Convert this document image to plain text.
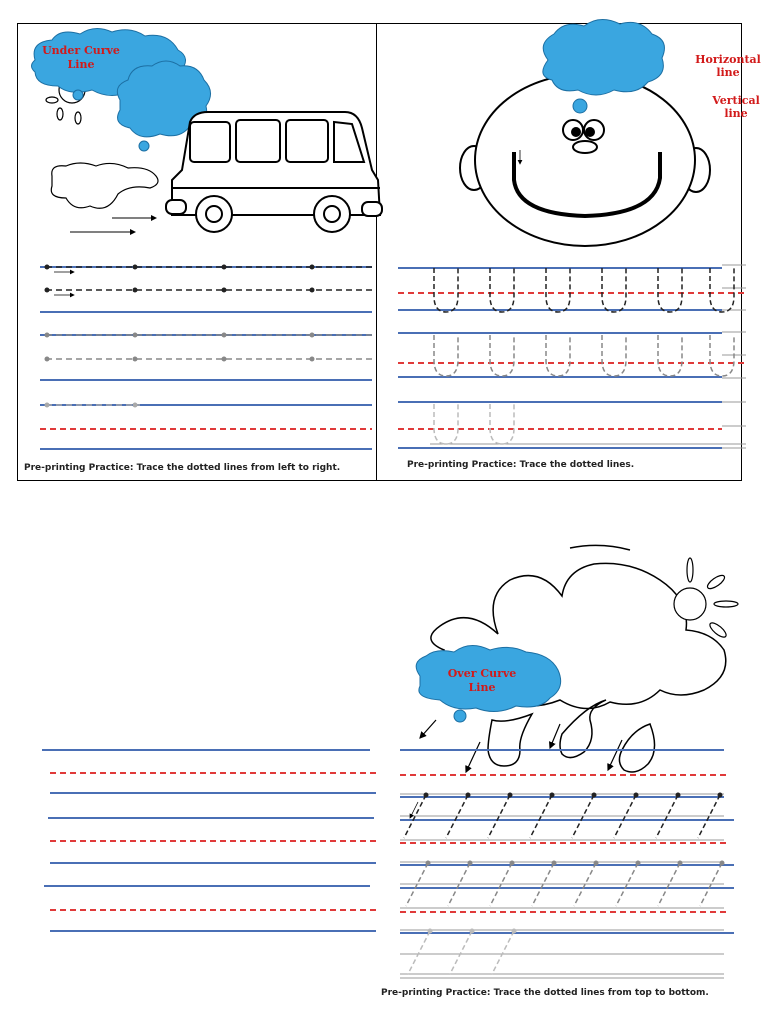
Under Curve
Line	Horizontal
line
Vertical
line
Over Curve
Line
Pre-printing Practice: Trace the dotted lines from left to right.	Pre-printing Practice: Trace the dotted lines.
Pre-printing Practice: Trace the dotted lines from top to bottom.
